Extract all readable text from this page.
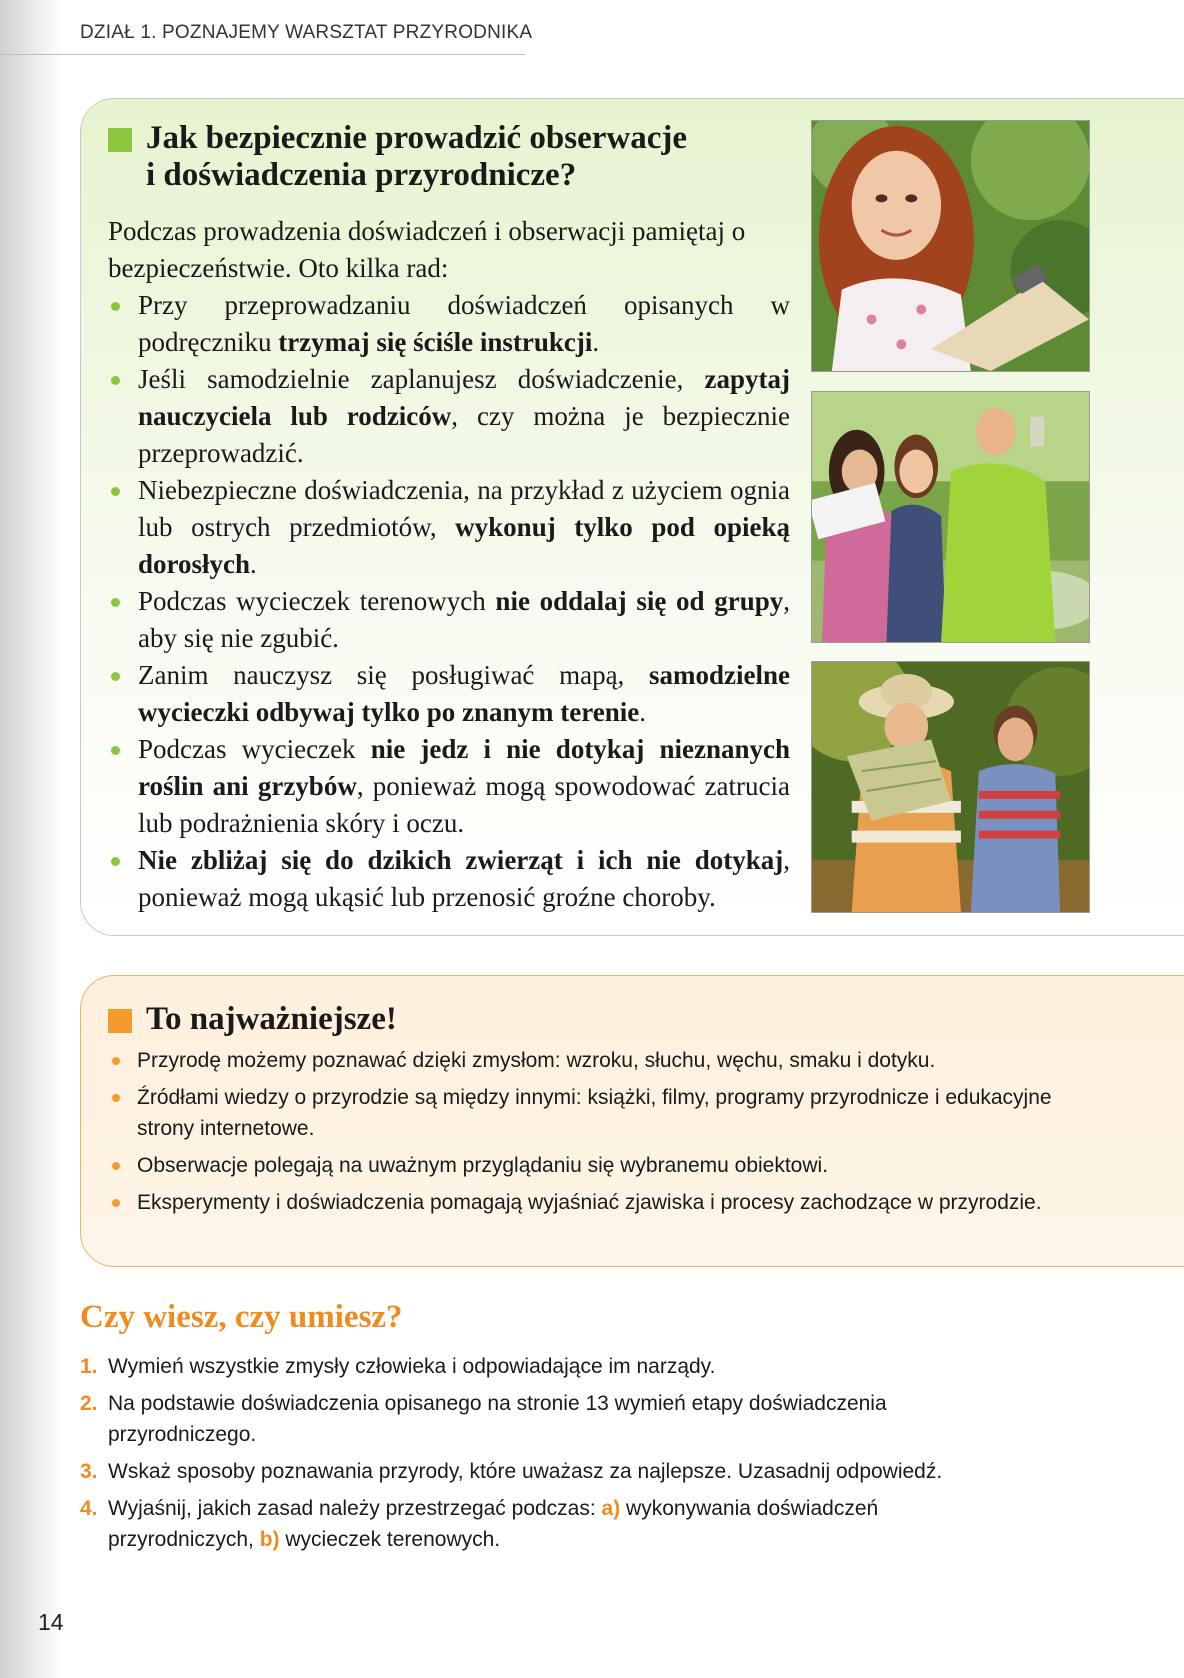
DZIAŁ 1. POZNAJEMY WARSZTAT PRZYRODNIKA
Jak bezpiecznie prowadzić obserwacje
i doświadczenia przyrodnicze?
Podczas prowadzenia doświadczeń i obserwacji pamiętaj o bezpieczeństwie. Oto kilka rad:
Przy przeprowadzaniu doświadczeń opisanych w podręczniku trzymaj się ściśle instrukcji.
Jeśli samodzielnie zaplanujesz doświadczenie, zapytaj nauczyciela lub rodziców, czy można je bezpiecznie przeprowadzić.
Niebezpieczne doświadczenia, na przykład z użyciem ognia lub ostrych przedmiotów, wykonuj tylko pod opieką dorosłych.
Podczas wycieczek terenowych nie oddalaj się od grupy, aby się nie zgubić.
Zanim nauczysz się posługiwać mapą, samodzielne wycieczki odbywaj tylko po znanym terenie.
Podczas wycieczek nie jedz i nie dotykaj nieznanych roślin ani grzybów, ponieważ mogą spowodować zatrucia lub podrażnienia skóry i oczu.
Nie zbliżaj się do dzikich zwierząt i ich nie dotykaj, ponieważ mogą ukąsić lub przenosić groźne choroby.
To najważniejsze!
Przyrodę możemy poznawać dzięki zmysłom: wzroku, słuchu, węchu, smaku i dotyku.
Źródłami wiedzy o przyrodzie są między innymi: książki, filmy, programy przyrodnicze i edukacyjne strony internetowe.
Obserwacje polegają na uważnym przyglądaniu się wybranemu obiektowi.
Eksperymenty i doświadczenia pomagają wyjaśniać zjawiska i procesy zachodzące w przyrodzie.
Czy wiesz, czy umiesz?
1. Wymień wszystkie zmysły człowieka i odpowiadające im narządy.
2. Na podstawie doświadczenia opisanego na stronie 13 wymień etapy doświadczenia przyrodniczego.
3. Wskaż sposoby poznawania przyrody, które uważasz za najlepsze. Uzasadnij odpowiedź.
4. Wyjaśnij, jakich zasad należy przestrzegać podczas: a) wykonywania doświadczeń przyrodniczych, b) wycieczek terenowych.
14
